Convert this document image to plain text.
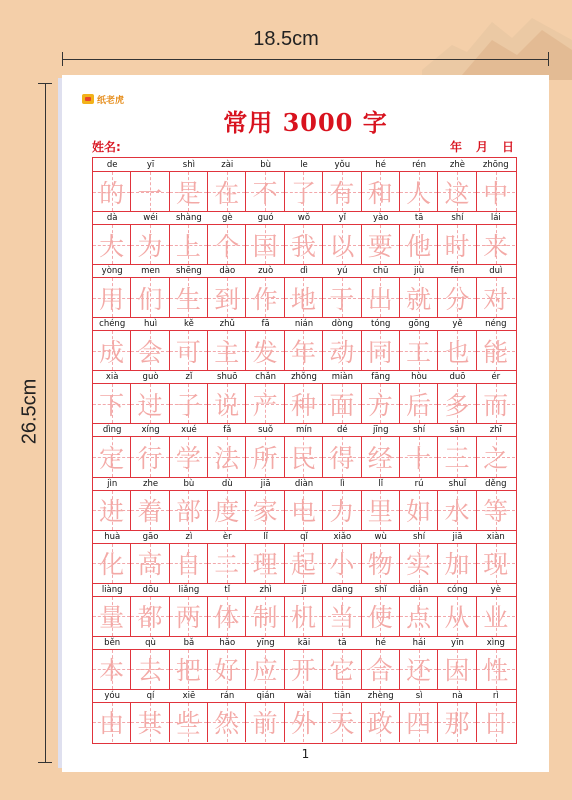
18.5cm
26.5cm
纸老虎
常用 3000 字
姓名:	年　月　日
de	yī	shì	zài	bù	le	yǒu	hé	rén	zhè	zhōng
的 一 是 在 不 了 有 和 人 这 中
dà	wéi	shàng	gè	guó	wǒ	yǐ	yào	tā	shí	lái
大 为 上 个 国 我 以 要 他 时 来
yòng	men	shēng	dào	zuò	dì	yú	chū	jiù	fēn	duì
用 们 生 到 作 地 于 出 就 分 对
chéng	huì	kě	zhǔ	fā	nián	dòng	tóng	gōng	yě	néng
成 会 可 主 发 年 动 同 工 也 能
xià	guò	zǐ	shuō	chǎn	zhǒng	miàn	fāng	hòu	duō	ér
下 过 子 说 产 种 面 方 后 多 而
dìng	xíng	xué	fǎ	suǒ	mín	dé	jīng	shí	sān	zhī
定 行 学 法 所 民 得 经 十 三 之
jìn	zhe	bù	dù	jiā	diàn	lì	lǐ	rú	shuǐ	děng
进 着 部 度 家 电 力 里 如 水 等
huà	gāo	zì	èr	lǐ	qǐ	xiǎo	wù	shí	jiā	xiàn
化 高 自 二 理 起 小 物 实 加 现
liàng	dōu	liǎng	tǐ	zhì	jī	dāng	shǐ	diǎn	cóng	yè
量 都 两 体 制 机 当 使 点 从 业
běn	qù	bǎ	hǎo	yīng	kāi	tā	hé	hái	yīn	xìng
本 去 把 好 应 开 它 合 还 因 性
yóu	qí	xiē	rán	qián	wài	tiān	zhèng	sì	nà	rì
由 其 些 然 前 外 天 政 四 那 日
1
